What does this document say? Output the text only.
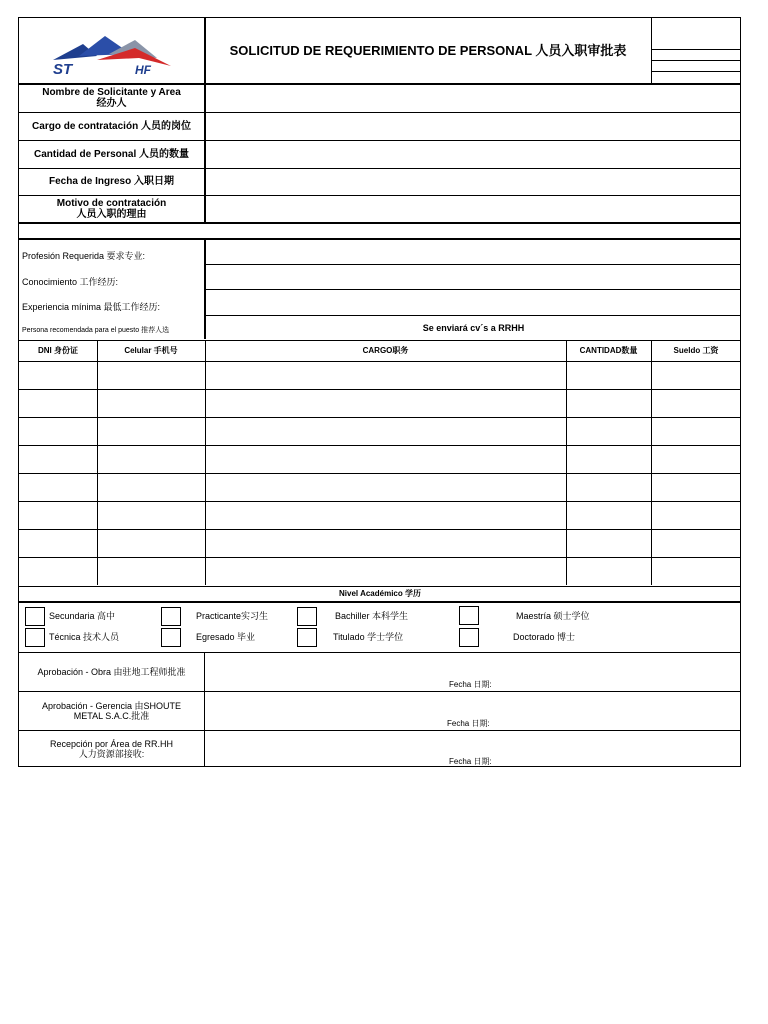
ST	HF
SOLICITUD DE REQUERIMIENTO DE PERSONAL 人员入职审批表
Nombre de Solicitante y Area
经办人
Cargo de contratación 人员的岗位
Cantidad de Personal 人员的数量
Fecha de Ingreso 入职日期
Motivo de contratación
人员入职的理由
Profesión Requerida 要求专业:
Conocimiento 工作经历:
Experiencia mínima 最低工作经历:
Persona recomendada para el puesto 推荐人选	Se enviará cv´s a RRHH
DNI 身份证	Celular 手机号	CARGO职务	CANTIDAD数量	Sueldo 工资
Nivel Académico 学历
Secundaria 高中
Técnica 技术人员
Practicante实习生
Egresado 毕业
Bachiller 本科学生
Titulado 学士学位
Maestría 硕士学位
Doctorado 博士
Aprobación - Obra 由驻地工程师批准
Fecha 日期:
Aprobación - Gerencia 由SHOUTE
METAL S.A.C.批准
Fecha 日期:
Recepción por Área de RR.HH
人力资源部接收:
Fecha 日期:
